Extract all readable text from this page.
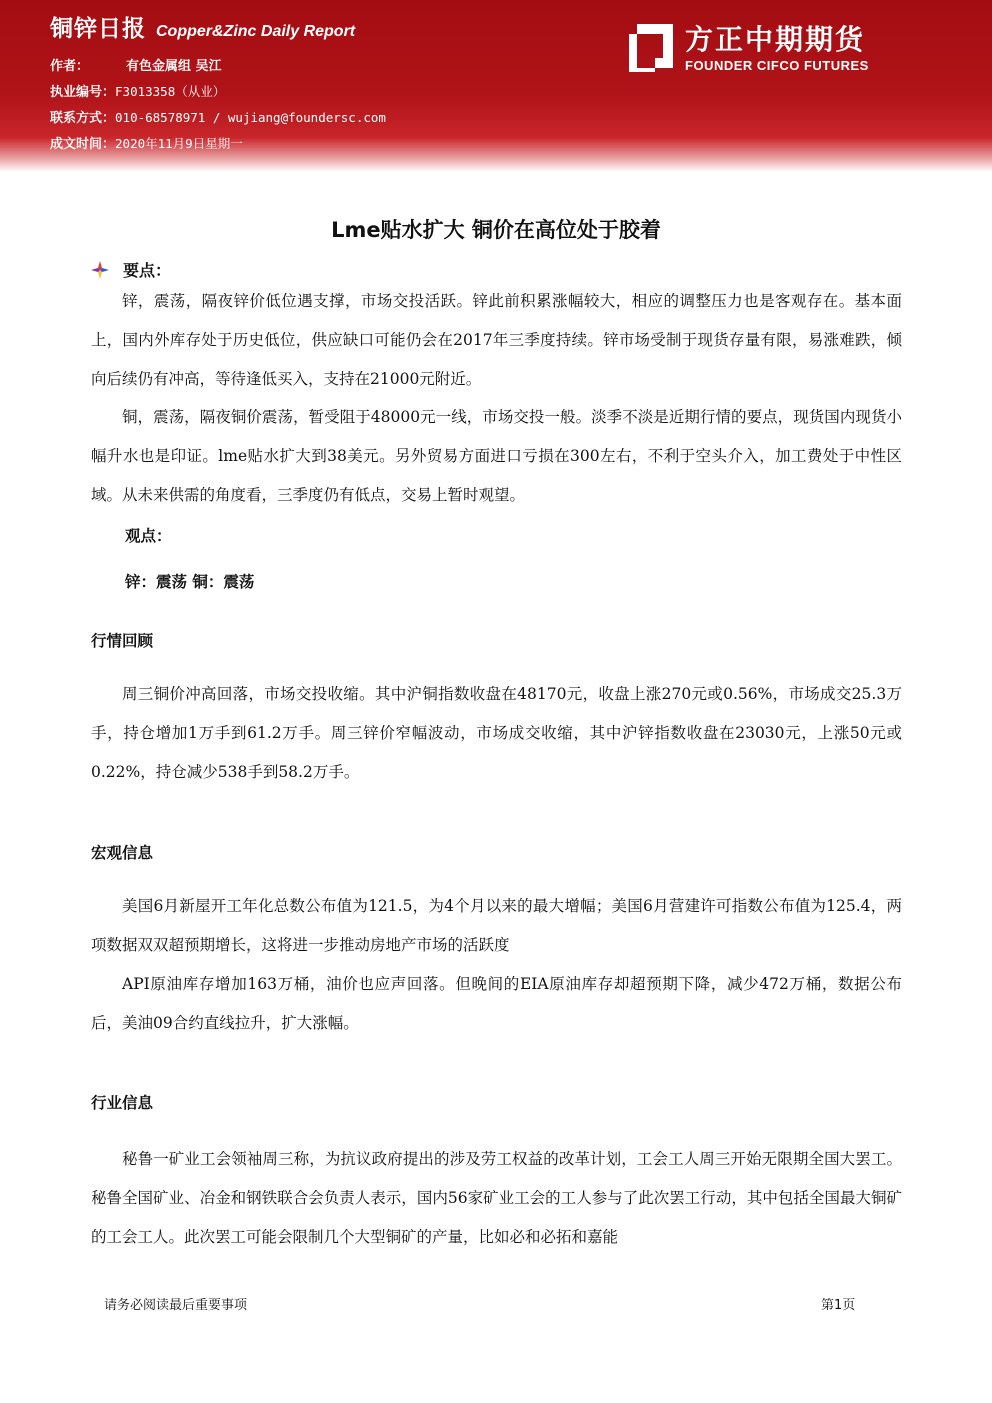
铜锌日报 Copper&Zinc Daily Report
作者：	有色金属组 吴江
执业编号：F3013358（从业）
联系方式：010-68578971 / wujiang@foundersc.com
成文时间：2020年11月9日星期一
方正中期期货
FOUNDER CIFCO FUTURES
Lme贴水扩大 铜价在高位处于胶着
要点：

锌，震荡，隔夜锌价低位遇支撑，市场交投活跃。锌此前积累涨幅较大，相应的调整压力也是客观存在。基本面上，国内外库存处于历史低位，供应缺口可能仍会在2017年三季度持续。锌市场受制于现货存量有限，易涨难跌，倾向后续仍有冲高，等待逢低买入，支持在21000元附近。

铜，震荡，隔夜铜价震荡，暂受阻于48000元一线，市场交投一般。淡季不淡是近期行情的要点，现货国内现货小幅升水也是印证。lme贴水扩大到38美元。另外贸易方面进口亏损在300左右，不利于空头介入，加工费处于中性区域。从未来供需的角度看，三季度仍有低点，交易上暂时观望。

观点：
锌：震荡 铜：震荡
行情回顾

周三铜价冲高回落，市场交投收缩。其中沪铜指数收盘在48170元，收盘上涨270元或0.56%，市场成交25.3万手，持仓增加1万手到61.2万手。周三锌价窄幅波动，市场成交收缩，其中沪锌指数收盘在23030元，上涨50元或0.22%，持仓减少538手到58.2万手。

宏观信息

美国6月新屋开工年化总数公布值为121.5，为4个月以来的最大增幅；美国6月营建许可指数公布值为125.4，两项数据双双超预期增长，这将进一步推动房地产市场的活跃度

API原油库存增加163万桶，油价也应声回落。但晚间的EIA原油库存却超预期下降，减少472万桶，数据公布后，美油09合约直线拉升，扩大涨幅。

行业信息

秘鲁一矿业工会领袖周三称，为抗议政府提出的涉及劳工权益的改革计划，工会工人周三开始无限期全国大罢工。秘鲁全国矿业、冶金和钢铁联合会负责人表示，国内56家矿业工会的工人参与了此次罢工行动，其中包括全国最大铜矿的工会工人。此次罢工可能会限制几个大型铜矿的产量，比如必和必拓和嘉能

请务必阅读最后重要事项	第1页
